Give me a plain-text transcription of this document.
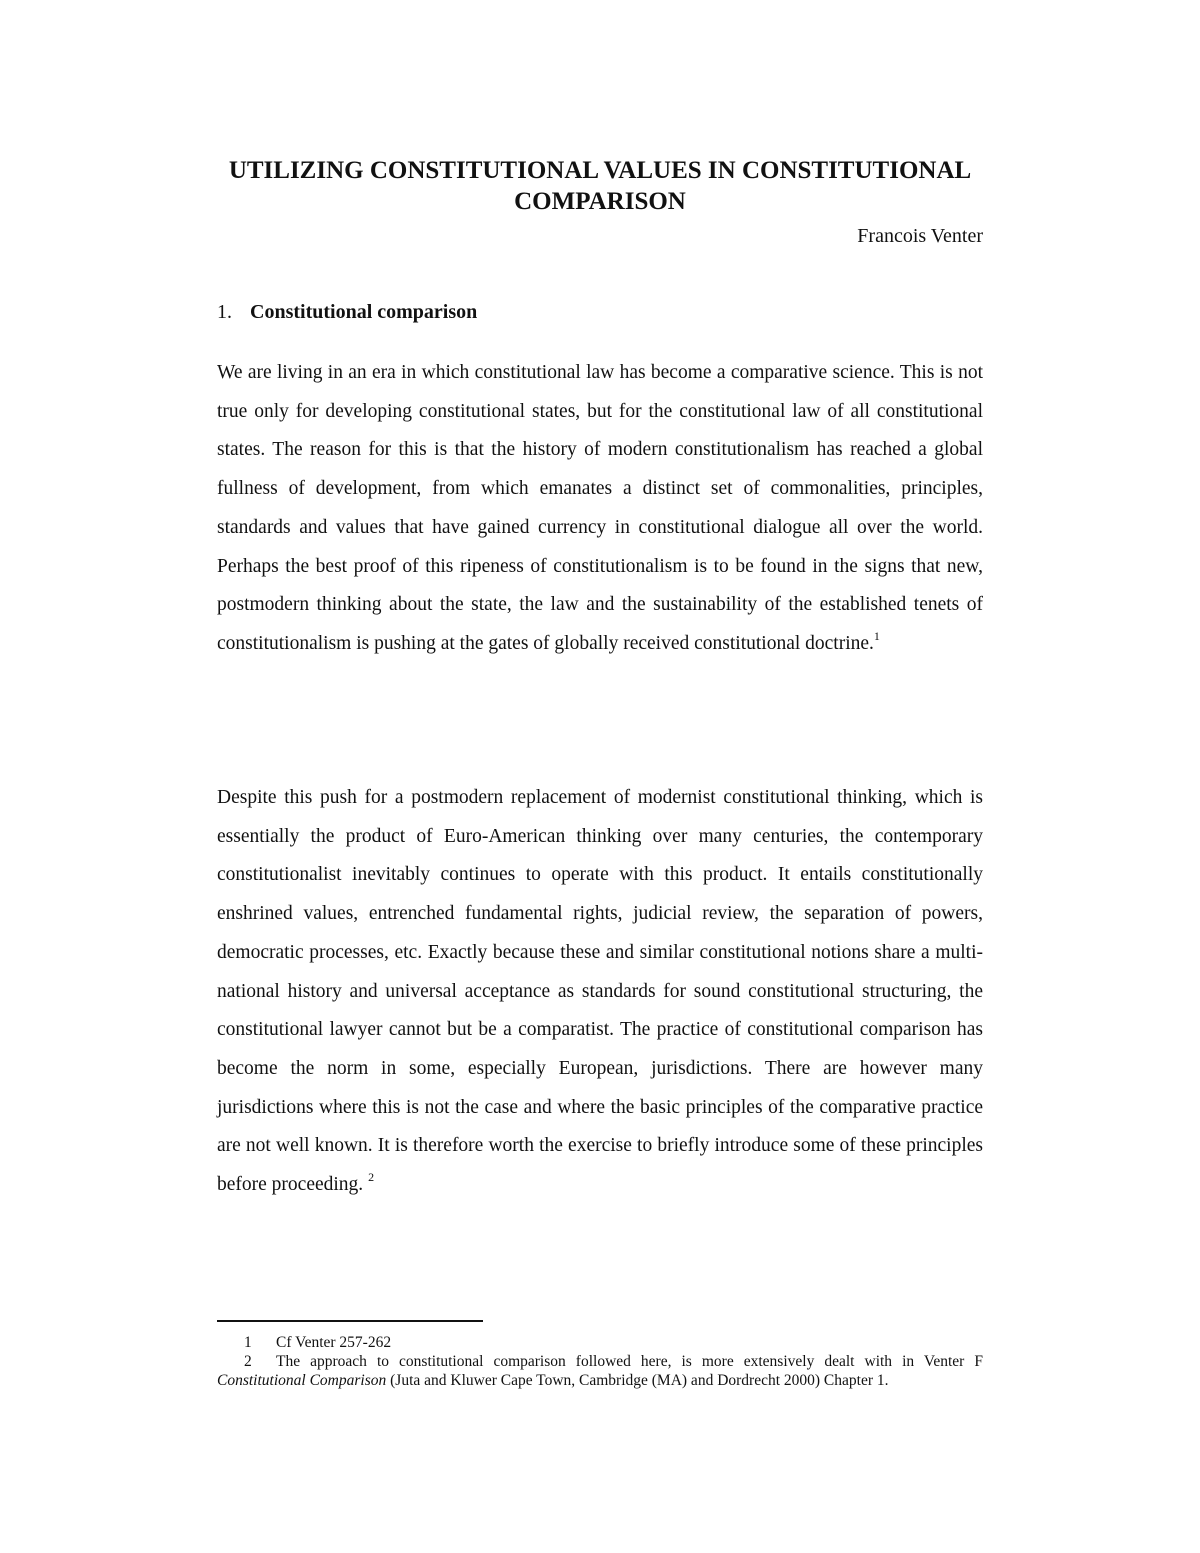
UTILIZING CONSTITUTIONAL VALUES IN CONSTITUTIONAL
COMPARISON
Francois Venter
1. Constitutional comparison

We are living in an era in which constitutional law has become a comparative science. This is not true only for developing constitutional states, but for the constitutional law of all constitutional states. The reason for this is that the history of modern constitutionalism has reached a global fullness of development, from which emanates a distinct set of commonalities, principles, standards and values that have gained currency in constitutional dialogue all over the world. Perhaps the best proof of this ripeness of constitutionalism is to be found in the signs that new, postmodern thinking about the state, the law and the sustainability of the established tenets of constitutionalism is pushing at the gates of globally received constitutional doctrine.$^1$

Despite this push for a postmodern replacement of modernist constitutional thinking, which is essentially the product of Euro-American thinking over many centuries, the contemporary constitutionalist inevitably continues to operate with this product. It entails constitutionally enshrined values, entrenched fundamental rights, judicial review, the separation of powers, democratic processes, etc. Exactly because these and similar constitutional notions share a multi-national history and universal acceptance as standards for sound constitutional structuring, the constitutional lawyer cannot but be a comparatist. The practice of constitutional comparison has become the norm in some, especially European, jurisdictions. There are however many jurisdictions where this is not the case and where the basic principles of the comparative practice are not well known. It is therefore worth the exercise to briefly introduce some of these principles before proceeding. $^2$

1 Cf Venter 257-262

2 The approach to constitutional comparison followed here, is more extensively dealt with in Venter F Constitutional Comparison (Juta and Kluwer Cape Town, Cambridge (MA) and Dordrecht 2000) Chapter 1.
